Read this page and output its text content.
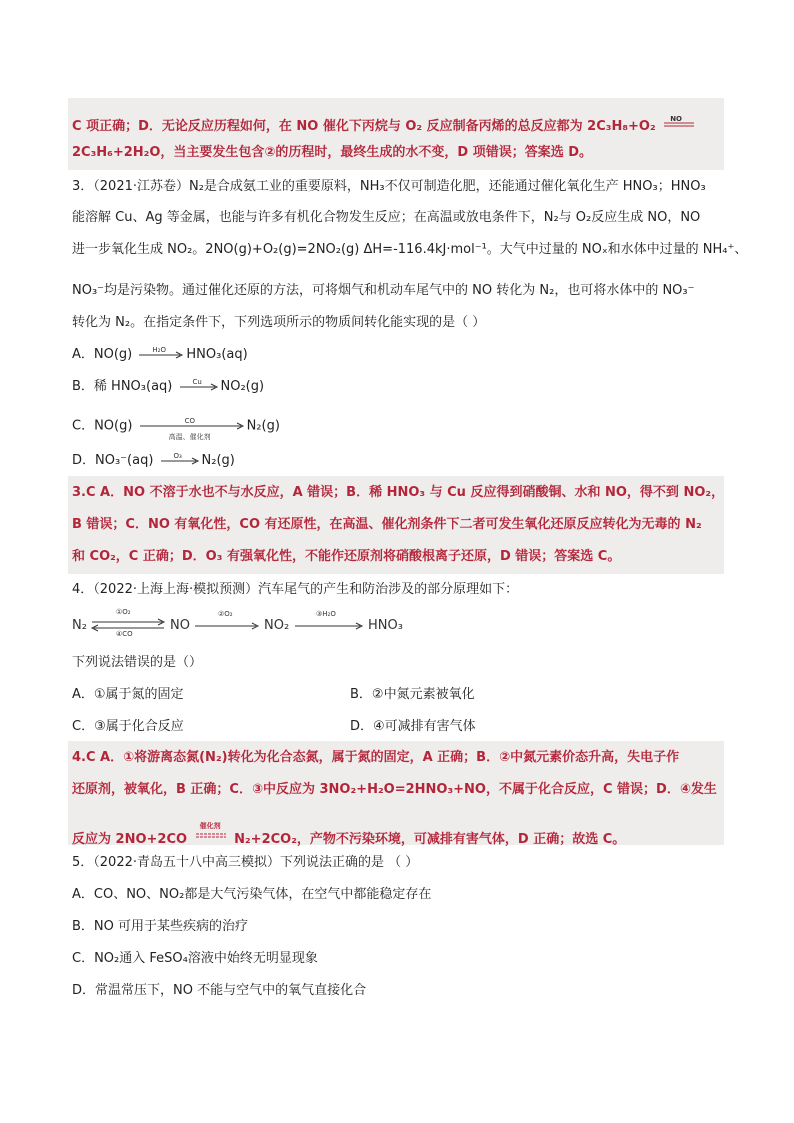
C 项正确；D．无论反应历程如何，在 NO 催化下丙烷与 O₂ 反应制备丙烯的总反应都为 2C₃H₈+O₂ NO
2C₃H₆+2H₂O，当主要发生包含②的历程时，最终生成的水不变，D 项错误；答案选 D。
3．（2021·江苏卷）N₂是合成氨工业的重要原料，NH₃不仅可制造化肥，还能通过催化氧化生产 HNO₃；HNO₃
能溶解 Cu、Ag 等金属，也能与许多有机化合物发生反应；在高温或放电条件下，N₂与 O₂反应生成 NO，NO
进一步氧化生成 NO₂。2NO(g)+O₂(g)=2NO₂(g) ΔH=-116.4kJ·mol⁻¹。大气中过量的 NOₓ和水体中过量的 NH₄⁺、
NO₃⁻均是污染物。通过催化还原的方法，可将烟气和机动车尾气中的 NO 转化为 N₂，也可将水体中的 NO₃⁻
转化为 N₂。在指定条件下，下列选项所示的物质间转化能实现的是（ ）
A．NO(g)	H₂O HNO₃(aq)
B．稀 HNO₃(aq)	Cu NO₂(g)
C．NO(g)	CO
高温、催化剂
N₂(g)
D．NO₃⁻(aq)	O₃ N₂(g)
3.C A．NO 不溶于水也不与水反应，A 错误；B．稀 HNO₃ 与 Cu 反应得到硝酸铜、水和 NO，得不到 NO₂，
B 错误；C．NO 有氧化性，CO 有还原性，在高温、催化剂条件下二者可发生氧化还原反应转化为无毒的 N₂
和 CO₂，C 正确；D．O₃ 有强氧化性，不能作还原剂将硝酸根离子还原，D 错误；答案选 C。
4．（2022·上海上海·模拟预测）汽车尾气的产生和防治涉及的部分原理如下：
N₂
①O₂
④CO
NO
②O₂
NO₂
③H₂O
HNO₃
下列说法错误的是（）
A．①属于氮的固定	B．②中氮元素被氧化
C．③属于化合反应	D．④可减排有害气体
4.C A．①将游离态氮(N₂)转化为化合态氮，属于氮的固定，A 正确；B．②中氮元素价态升高，失电子作
还原剂，被氧化，B 正确；C．③中反应为 3NO₂+H₂O=2HNO₃+NO，不属于化合反应，C 错误；D．④发生
反应为 2NO+2CO
催化剂
N₂+2CO₂，产物不污染环境，可减排有害气体，D 正确；故选 C。
5．（2022·青岛五十八中高三模拟）下列说法正确的是 （ ）
A．CO、NO、NO₂都是大气污染气体，在空气中都能稳定存在
B．NO 可用于某些疾病的治疗
C．NO₂通入 FeSO₄溶液中始终无明显现象
D．常温常压下，NO 不能与空气中的氧气直接化合
